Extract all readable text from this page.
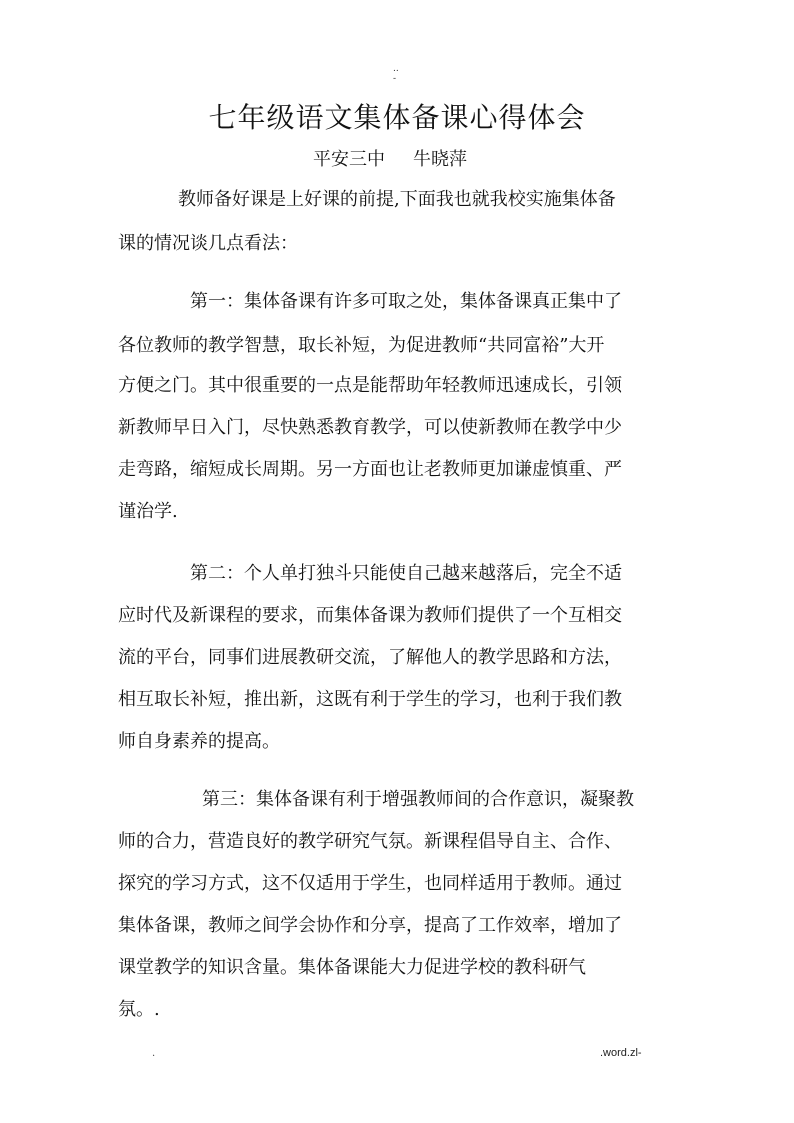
..
-
七年级语文集体备课心得体会
平安三中 牛晓萍
教师备好课是上好课的前提,下面我也就我校实施集体备
课的情况谈几点看法：
第一：集体备课有许多可取之处，集体备课真正集中了
各位教师的教学智慧，取长补短，为促进教师“共同富裕”大开
方便之门。其中很重要的一点是能帮助年轻教师迅速成长，引领
新教师早日入门，尽快熟悉教育教学，可以使新教师在教学中少
走弯路，缩短成长周期。另一方面也让老教师更加谦虚慎重、严
谨治学.
第二：个人单打独斗只能使自己越来越落后，完全不适
应时代及新课程的要求，而集体备课为教师们提供了一个互相交
流的平台，同事们进展教研交流，了解他人的教学思路和方法，
相互取长补短，推出新，这既有利于学生的学习，也利于我们教
师自身素养的提高。
第三：集体备课有利于增强教师间的合作意识，凝聚教
师的合力，营造良好的教学研究气氛。新课程倡导自主、合作、
探究的学习方式，这不仅适用于学生，也同样适用于教师。通过
集体备课，教师之间学会协作和分享，提高了工作效率，增加了
课堂教学的知识含量。集体备课能大力促进学校的教科研气
氛。.
.	.word.zl-
